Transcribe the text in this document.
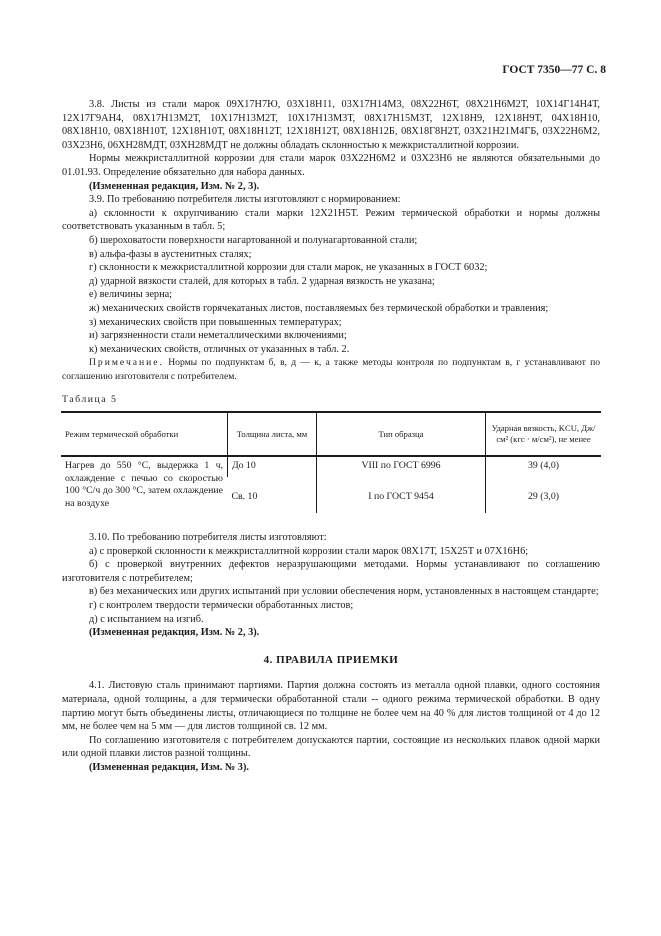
ГОСТ 7350—77 С. 8

3.8. Листы из стали марок 09Х17Н7Ю, 03Х18Н11, 03Х17Н14М3, 08Х22Н6Т, 08Х21Н6М2Т, 10Х14Г14Н4Т, 12Х17Г9АН4, 08Х17Н13М2Т, 10Х17Н13М2Т, 10Х17Н13М3Т, 08Х17Н15М3Т, 12Х18Н9, 12Х18Н9Т, 04Х18Н10, 08Х18Н10, 08Х18Н10Т, 12Х18Н10Т, 08Х18Н12Т, 12Х18Н12Т, 08Х18Н12Б, 08Х18Г8Н2Т, 03Х21Н21М4ГБ, 03Х22Н6М2, 03Х23Н6, 06ХН28МДТ, 03ХН28МДТ не должны обладать склонностью к межкристаллитной коррозии.

Нормы межкристаллитной коррозии для стали марок 03Х22Н6М2 и 03Х23Н6 не являются обязательными до 01.01.93. Определение обязательно для набора данных.

(Измененная редакция, Изм. № 2, 3).

3.9. По требованию потребителя листы изготовляют с нормированием:

а) склонности к охрупчиванию стали марки 12Х21Н5Т. Режим термической обработки и нормы должны соответствовать указанным в табл. 5;

б) шероховатости поверхности нагартованной и полунагартованной стали;

в) альфа-фазы в аустенитных сталях;

г) склонности к межкристаллитной коррозии для стали марок, не указанных в ГОСТ 6032;

д) ударной вязкости сталей, для которых в табл. 2 ударная вязкость не указана;

е) величины зерна;

ж) механических свойств горячекатаных листов, поставляемых без термической обработки и травления;

з) механических свойств при повышенных температурах;

и) загрязненности стали неметаллическими включениями;

к) механических свойств, отличных от указанных в табл. 2.

Примечание. Нормы по подпунктам б, в, д — к, а также методы контроля по подпунктам в, г устанавливают по соглашению изготовителя с потребителем.

Таблица 5

Режим термической обработки	Толщина листа, мм	Тип образца	Ударная вязкость, KCU, Дж/см² (кгс · м/см²), не менее
Нагрев до 550 °С, выдержка 1 ч, охлаждение с печью со скоростью 100 °С/ч до 300 °С, затем охлаждение на воздухе	До 10	VIII по ГОСТ 6996	39 (4,0)
	Св. 10	I по ГОСТ 9454	29 (3,0)

3.10. По требованию потребителя листы изготовляют:

а) с проверкой склонности к межкристаллитной коррозии стали марок 08Х17Т, 15Х25Т и 07Х16Н6;

б) с проверкой внутренних дефектов неразрушающими методами. Нормы устанавливают по соглашению изготовителя с потребителем;

в) без механических или других испытаний при условии обеспечения норм, установленных в настоящем стандарте;

г) с контролем твердости термически обработанных листов;

д) с испытанием на изгиб.

(Измененная редакция, Изм. № 2, 3).

4. ПРАВИЛА ПРИЕМКИ

4.1. Листовую сталь принимают партиями. Партия должна состоять из металла одной плавки, одного состояния материала, одной толщины, а для термически обработанной стали -- одного режима термической обработки. В одну партию могут быть объединены листы, отличающиеся по толщине не более чем на 40 % для листов толщиной от 4 до 12 мм, не более чем на 5 мм — для листов толщиной св. 12 мм.

По соглашению изготовителя с потребителем допускаются партии, состоящие из нескольких плавок одной марки или одной плавки листов разной толщины.

(Измененная редакция, Изм. № 3).
